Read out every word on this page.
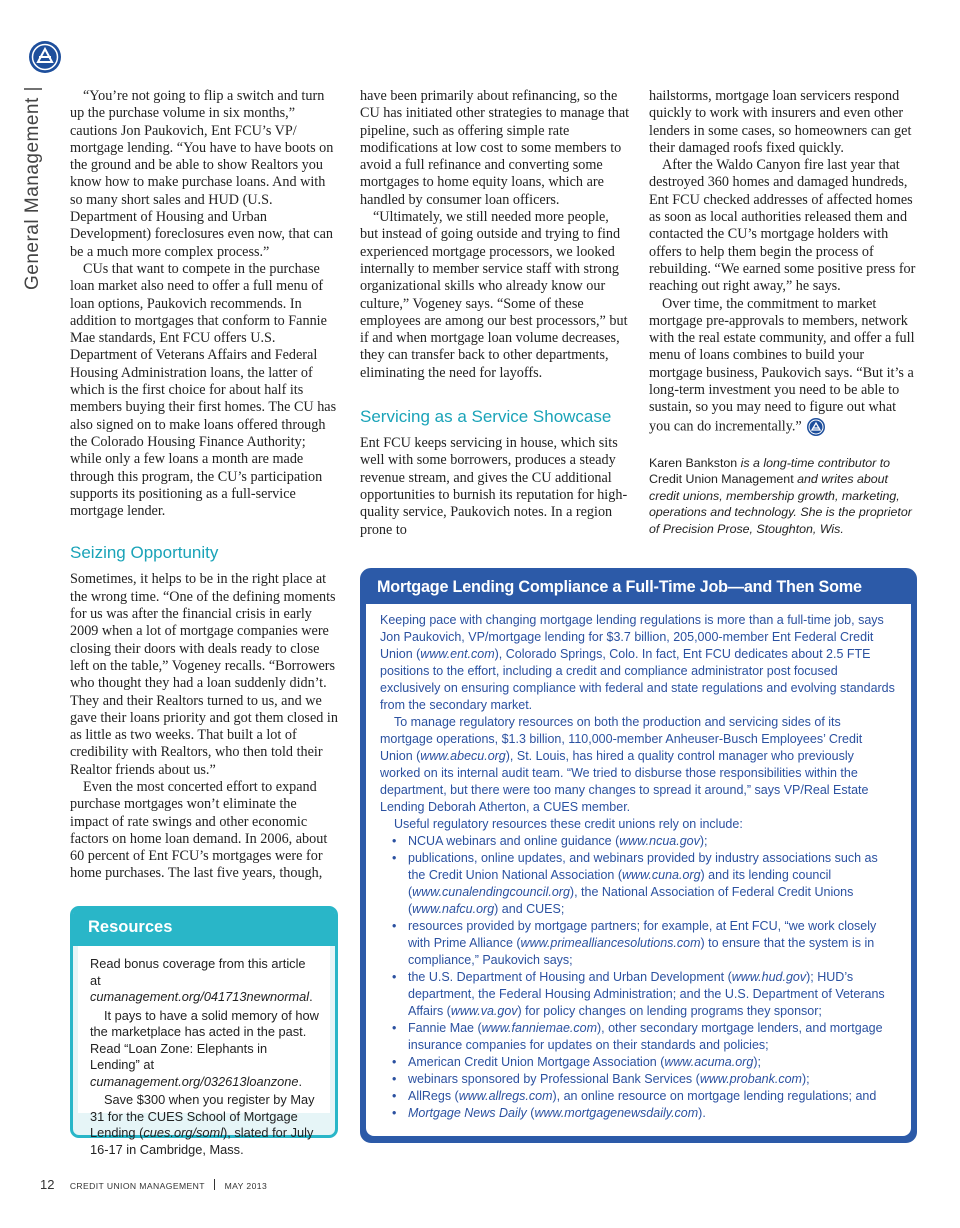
General Management |	“You’re not going to flip a switch and turn up the purchase volume in six months,” cautions Jon Paukovich, Ent FCU’s VP/ mortgage lending. “You have to have boots on the ground and be able to show Realtors you know how to make purchase loans. And with so many short sales and HUD (U.S. Department of Housing and Urban Development) foreclosures even now, that can be a much more complex process.”

CUs that want to compete in the purchase loan market also need to offer a full menu of loan options, Paukovich recommends. In addition to mortgages that conform to Fannie Mae standards, Ent FCU offers U.S. Department of Veterans Affairs and Federal Housing Administration loans, the latter of which is the first choice for about half its members buying their first homes. The CU has also signed on to make loans offered through the Colorado Housing Finance Authority; while only a few loans a month are made through this program, the CU’s participation supports its positioning as a full-service mortgage lender.

Seizing Opportunity

Sometimes, it helps to be in the right place at the wrong time. “One of the defining moments for us was after the financial crisis in early 2009 when a lot of mortgage companies were closing their doors with deals ready to close left on the table,” Vogeney recalls. “Borrowers who thought they had a loan suddenly didn’t. They and their Realtors turned to us, and we gave their loans priority and got them closed in as little as two weeks. That built a lot of credibility with Realtors, who then told their Realtor friends about us.”

Even the most concerted effort to expand purchase mortgages won’t eliminate the impact of rate swings and other economic factors on home loan demand. In 2006, about 60 percent of Ent FCU’s mortgages were for home purchases. The last five years, though,

have been primarily about refinancing, so the CU has initiated other strategies to manage that pipeline, such as offering simple rate modifications at low cost to some members to avoid a full refinance and converting some mortgages to home equity loans, which are handled by consumer loan officers.

“Ultimately, we still needed more people, but instead of going outside and trying to find experienced mortgage processors, we looked internally to member service staff with strong organizational skills who already know our culture,” Vogeney says. “Some of these employees are among our best processors,” but if and when mortgage loan volume decreases, they can transfer back to other departments, eliminating the need for layoffs.

Servicing as a Service Showcase

Ent FCU keeps servicing in house, which sits well with some borrowers, produces a steady revenue stream, and gives the CU additional opportunities to burnish its reputation for high-quality service, Paukovich notes. In a region prone to

hailstorms, mortgage loan servicers respond quickly to work with insurers and even other lenders in some cases, so homeowners can get their damaged roofs fixed quickly.

After the Waldo Canyon fire last year that destroyed 360 homes and damaged hundreds, Ent FCU checked addresses of affected homes as soon as local authorities released them and contacted the CU’s mortgage holders with offers to help them begin the process of rebuilding. “We earned some positive press for reaching out right away,” he says.

Over time, the commitment to market mortgage pre-approvals to members, network with the real estate community, and offer a full menu of loans combines to build your mortgage business, Paukovich says. “But it’s a long-term investment you need to be able to sustain, so you may need to figure out what you can do incrementally.”

Karen Bankston is a long-time contributor to Credit Union Management and writes about credit unions, membership growth, marketing, operations and technology. She is the proprietor of Precision Prose, Stoughton, Wis.
Resources

Read bonus coverage from this article at cumanagement.org/041713newnormal.

It pays to have a solid memory of how the marketplace has acted in the past. Read “Loan Zone: Elephants in Lending” at cumanagement.org/032613loanzone.

Save $300 when you register by May 31 for the CUES School of Mortgage Lending (cues.org/soml), slated for July 16-17 in Cambridge, Mass.

Mortgage Lending Compliance a Full-Time Job—and Then Some

Keeping pace with changing mortgage lending regulations is more than a full-time job, says Jon Paukovich, VP/mortgage lending for $3.7 billion, 205,000-member Ent Federal Credit Union (www.ent.com), Colorado Springs, Colo. In fact, Ent FCU dedicates about 2.5 FTE positions to the effort, including a credit and compliance administrator post focused exclusively on ensuring compliance with federal and state regulations and evolving standards from the secondary market.

To manage regulatory resources on both the production and servicing sides of its mortgage operations, $1.3 billion, 110,000-member Anheuser-Busch Employees’ Credit Union (www.abecu.org), St. Louis, has hired a quality control manager who previously worked on its internal audit team. “We tried to disburse those responsibilities within the department, but there were too many changes to spread it around,” says VP/Real Estate Lending Deborah Atherton, a CUES member.

Useful regulatory resources these credit unions rely on include:

• NCUA webinars and online guidance (www.ncua.gov);
• publications, online updates, and webinars provided by industry associations such as the Credit Union National Association (www.cuna.org) and its lending council (www.cunalendingcouncil.org), the National Association of Federal Credit Unions (www.nafcu.org) and CUES;
• resources provided by mortgage partners; for example, at Ent FCU, “we work closely with Prime Alliance (www.primealliancesolutions.com) to ensure that the system is in compliance,” Paukovich says;
• the U.S. Department of Housing and Urban Development (www.hud.gov); HUD’s department, the Federal Housing Administration; and the U.S. Department of Veterans Affairs (www.va.gov) for policy changes on lending programs they sponsor;
• Fannie Mae (www.fanniemae.com), other secondary mortgage lenders, and mortgage insurance companies for updates on their standards and policies;
• American Credit Union Mortgage Association (www.acuma.org);
• webinars sponsored by Professional Bank Services (www.probank.com);
• AllRegs (www.allregs.com), an online resource on mortgage lending regulations; and
• Mortgage News Daily (www.mortgagenewsdaily.com).
12 CREDIT UNION MANAGEMENT MAY 2013
